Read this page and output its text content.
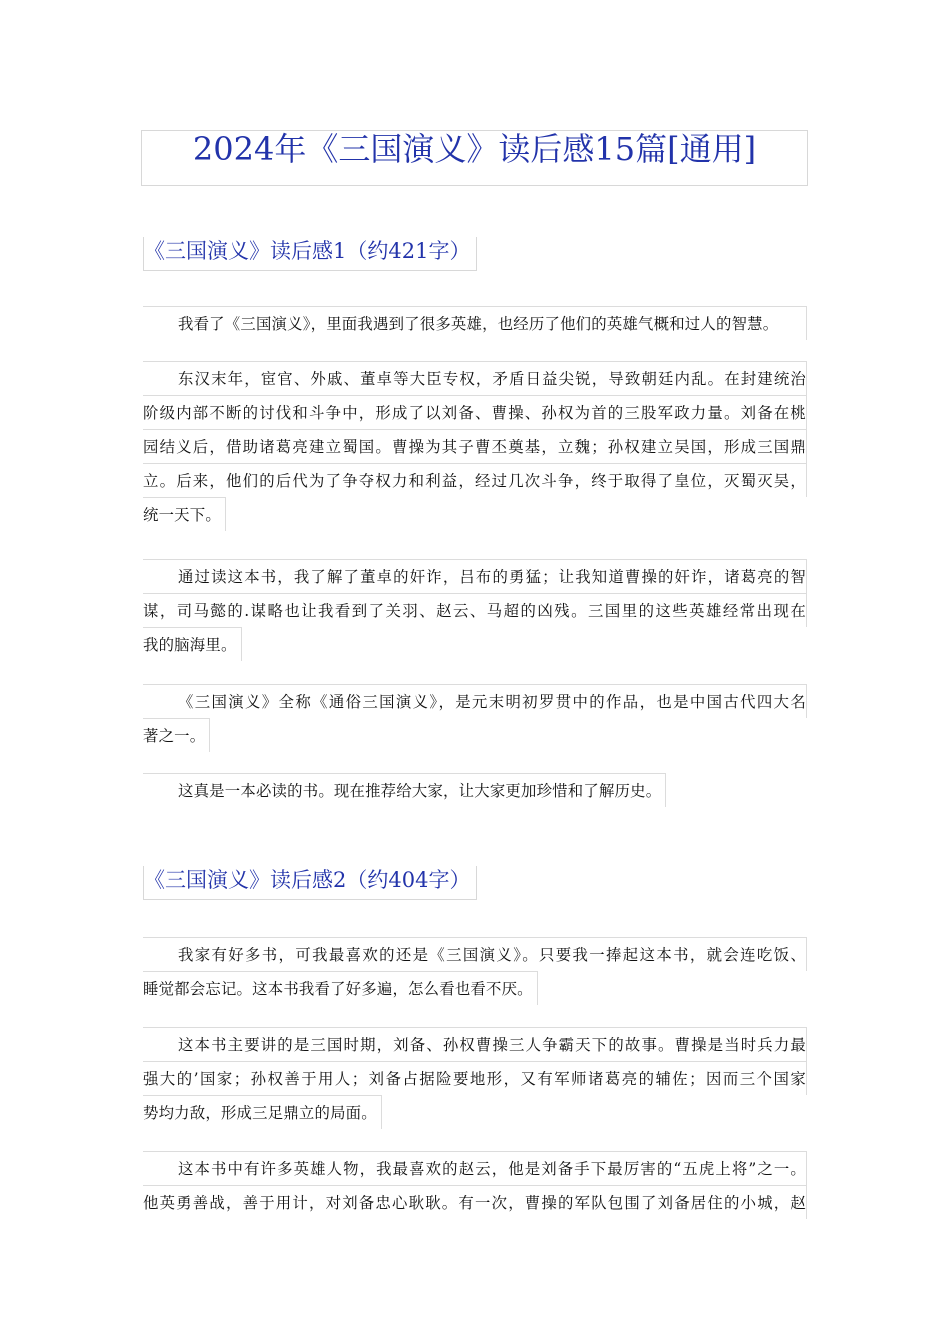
2024年《三国演义》读后感15篇[通用]
《三国演义》读后感1（约421字）
我看了《三国演义》，里面我遇到了很多英雄，也经历了他们的英雄气概和过人的智慧。
东汉末年，宦官、外戚、董卓等大臣专权，矛盾日益尖锐，导致朝廷内乱。在封建统治
阶级内部不断的讨伐和斗争中，形成了以刘备、曹操、孙权为首的三股军政力量。刘备在桃
园结义后，借助诸葛亮建立蜀国。曹操为其子曹丕奠基，立魏；孙权建立吴国，形成三国鼎
立。后来，他们的后代为了争夺权力和利益，经过几次斗争，终于取得了皇位，灭蜀灭吴，
统一天下。
通过读这本书，我了解了董卓的奸诈，吕布的勇猛；让我知道曹操的奸诈，诸葛亮的智
谋，司马懿的.谋略也让我看到了关羽、赵云、马超的凶残。三国里的这些英雄经常出现在
我的脑海里。
《三国演义》全称《通俗三国演义》，是元末明初罗贯中的作品，也是中国古代四大名
著之一。
这真是一本必读的书。现在推荐给大家，让大家更加珍惜和了解历史。
《三国演义》读后感2（约404字）
我家有好多书，可我最喜欢的还是《三国演义》。只要我一捧起这本书，就会连吃饭、
睡觉都会忘记。这本书我看了好多遍，怎么看也看不厌。
这本书主要讲的是三国时期，刘备、孙权曹操三人争霸天下的故事。曹操是当时兵力最
强大的’国家；孙权善于用人；刘备占据险要地形，又有军师诸葛亮的辅佐；因而三个国家
势均力敌，形成三足鼎立的局面。
这本书中有许多英雄人物，我最喜欢的赵云，他是刘备手下最厉害的“五虎上将”之一。
他英勇善战，善于用计，对刘备忠心耿耿。有一次，曹操的军队包围了刘备居住的小城，赵
